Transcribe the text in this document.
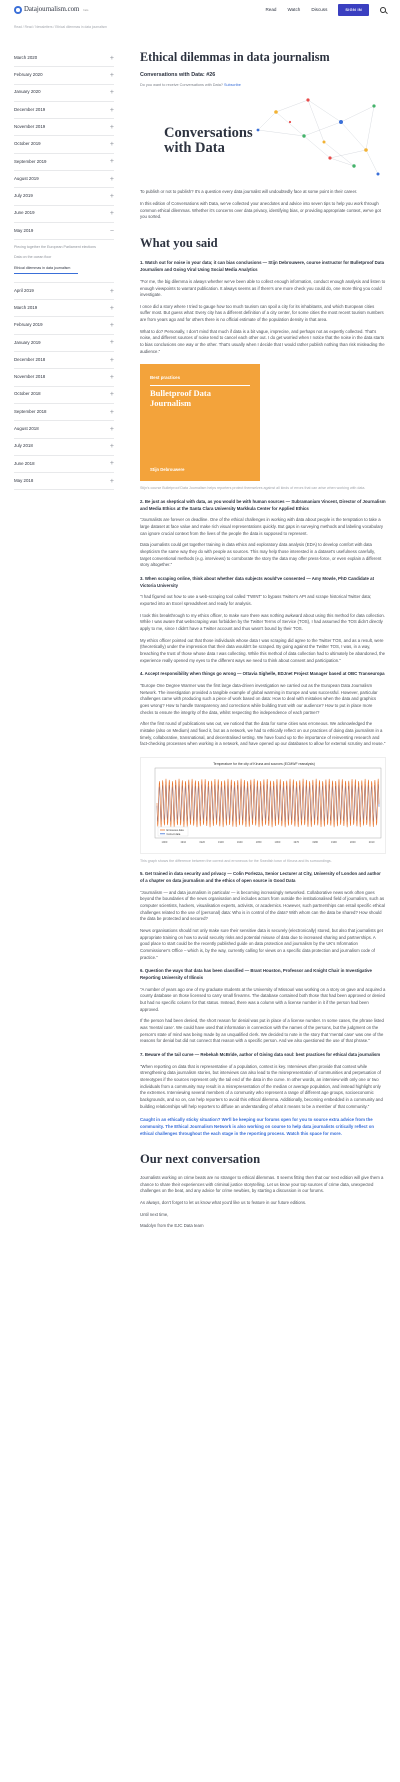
Datajournalism.com beta	Read Watch Discuss	SIGN IN
Read / Read / Newsletters / Ethical dilemmas in data journalism
March 2020	+
February 2020	+
January 2020	+
December 2019	+
November 2019	+
October 2019	+
September 2019	+
August 2019	+
July 2019	+
June 2019	+
May 2019	−
Piecing together the European Parliament elections
Data on the ocean floor
Ethical dilemmas in data journalism
April 2019	+
March 2019	+
February 2019	+
January 2019	+
December 2018	+
November 2018	+
October 2018	+
September 2018	+
August 2018	+
July 2018	+
June 2018	+
May 2018	+
Ethical dilemmas in data journalism
Conversations with Data: #26
Do you want to receive Conversations with Data? Subscribe
Conversations
with Data

To publish or not to publish? It's a question every data journalist will undoubtedly face at some point in their career.

In this edition of Conversations with Data, we've collected your anecdotes and advice into seven tips to help you work through common ethical dilemmas. Whether it's concerns over data privacy, identifying bias, or providing appropriate context, we've got you sorted.

What you said
1. Watch out for noise in your data; it can bias conclusions — Stijn Debrouwere, course instructor for Bulletproof Data Journalism and Going Viral Using Social Media Analytics

"For me, the big dilemma is always whether we've been able to collect enough information, conduct enough analysis and listen to enough viewpoints to warrant publication. It always seems as if there's one more check you could do, one more thing you could investigate.

I once did a story where I tried to gauge how too much tourism can spoil a city for its inhabitants, and which European cities suffer most. But guess what: Every city has a different definition of a city center, for some cities the most recent tourism numbers are from years ago and for others there is no official estimate of the population density in that area.

What to do? Personally, I don't mind that much if data is a bit vague, imprecise, and perhaps not as expertly collected. That's noise, and different sources of noise tend to cancel each other out. I do get worried when I notice that the noise in the data starts to bias conclusions one way or the other. That's usually when I decide that I would rather publish nothing than risk misleading the audience."

Best practices
Bulletproof Data Journalism
Stijn Debrouwere
Stijn's course Bulletproof Data Journalism helps reporters protect themselves against all kinds of errors that can arise when working with data.
2. Be just as skeptical with data, as you would be with human sources — Subramaniam Vincent, Director of Journalism and Media Ethics at the Santa Clara University Markkula Center for Applied Ethics

"Journalists are forever on deadline. One of the ethical challenges in working with data about people is the temptation to take a large dataset at face value and make rich visual representations quickly. But gaps in surveying methods and labeling vocabulary can ignore crucial context from the lives of the people the data is supposed to represent.

Data journalists could get together training in data ethics and exploratory data analysis (EDA) to develop comfort with data skepticism the same way they do with people as sources. This may help those interested in a dataset's usefulness carefully, target conventional methods (e.g. interviews) to corroborate the story the data may offer press-force, or even explain a different story altogether."

3. When scraping online, think about whether data subjects would've consented — Amy Mowle, PhD Candidate at Victoria University

"I had figured out how to use a web-scraping tool called 'TWINT' to bypass Twitter's API and scrape historical Twitter data; exported into an Excel spreadsheet and ready for analysis.

I took this breakthrough to my ethics officer, to make sure there was nothing awkward about using this method for data collection. While I was aware that webscraping was forbidden by the Twitter Terms of Service (TOS), I had assumed the TOS didn't directly apply to me, since I didn't have a Twitter account and thus wasn't bound by their TOS.

My ethics officer pointed out that those individuals whose data I was scraping did agree to the Twitter TOS, and as a result, were (theoretically) under the impression that their data wouldn't be scraped. By going against the Twitter TOS, I was, in a way, breaching the trust of those whose data I was collecting. While this method of data collection had to ultimately be abandoned, the experience really opened my eyes to the different ways we need to think about consent and participation."

4. Accept responsibility when things go wrong — Ottavia Sighelle, EDJnet Project Manager based at OBC Transeuropa

"Europe One Degree Warmer was the first large data-driven investigation we carried out as the European Data Journalism Network. The investigation provided a tangible example of global warming in Europe and was successful. However, particular challenges came with producing such a piece of work based on data: How to deal with mistakes when the data and graphics goes wrong? How to handle transparency and corrections while building trust with our audience? How to put in place more checks to ensure the integrity of the data, whilst respecting the independence of each partner?

After the first round of publications was out, we noticed that the data for some cities was erroneous. We acknowledged the mistake (also on Medium) and fixed it, but as a network, we had to ethically reflect on our practices of doing data journalism in a timely, collaborative, transnational, and decentralised setting. We have found up to the importance of reinventing research and fact-checking processes when working in a network, and have opened up our databases to allow for external scrutiny and reuse."

Temperature for the city of Kiruna and sources (ECMWF reanalysis)
1900	1910	1920	1930	1940	1950	1960	1970	1980	1990	2000	2010
Erroneous data
Correct data
This graph shows the difference between the correct and erroneous for the Swedish town of Kiruna and its surroundings.
5. Get trained in data security and privacy — Colin Porlezza, Senior Lecturer at City, University of London and author of a chapter on data journalism and the ethics of open source in Good Data

"Journalism — and data journalism in particular — is becoming increasingly networked. Collaborative news work often goes beyond the boundaries of the news organisation and includes actors from outside the institutionalised field of journalism, such as computer scientists, hackers, visualisation experts, activists, or academics. However, such partnerships can entail specific ethical challenges related to the use of (personal) data: Who is in control of the data? With whom can the data be shared? How should the data be protected and secured?

News organisations should not only make sure their sensitive data is securely (electronically) stored, but also that journalists get appropriate training on how to avoid security risks and potential misuse of data due to increased sharing and partnerships. A good place to start could be the recently published guide on data protection and journalism by the UK's Information Commissioner's Office – which is, by the way, currently calling for views on a specific data protection and journalism code of practice."

6. Question the ways that data has been classified — Brant Houston, Professor and Knight Chair in Investigative Reporting University of Illinois

"A number of years ago one of my graduate students at the University of Missouri was working on a story on gave and acquired a county database on those licensed to carry small firearms. The database contained both those that had been approved or denied but had no specific column for that status. Instead, there was a column with a license number in it if the person had been approved.

If the person had been denied, the short reason for denial was put in place of a license number. In some cases, the phrase listed was 'mental case'. We could have used that information in connection with the names of the persons, but the judgment on the person's state of mind was being made by an unqualified clerk. We decided to note in the story that 'mental case' was one of the reasons for denial but did not connect that reason with a specific person. And we also questioned the use of that phrase."

7. Beware of the tail curve — Rebekah McBride, author of Giving data soul: best practices for ethical data journalism

"When reporting on data that is representative of a population, context is key. Interviews often provide that context while strengthening data journalism stories, but interviews can also lead to the misrepresentation of communities and perpetuation of stereotypes if the sources represent only the tail end of the data in the curve. In other words, an interview with only one or two individuals from a community may result in a misrepresentation of the median or average population, and instead highlight only the extremes. Interviewing several members of a community who represent a range of different age groups, socioeconomic backgrounds, and so on, can help reporters to avoid this ethical dilemma. Additionally, becoming embedded in a community and building relationships will help reporters to diffuse an understanding of what it means to be a member of that community."

Caught in an ethically sticky situation? We'll be keeping our forums open for you to source extra advice from the community. The Ethical Journalism Network is also working on course to help data journalists critically reflect on ethical challenges throughout the each stage in the reporting process. Watch this space for more.
Our next conversation

Journalists working on crime beats are no stranger to ethical dilemmas. It seems fitting then that our next edition will give them a chance to share their experiences with criminal justice storytelling. Let us know your top sources of crime data, unexpected challenges on the beat, and any advice for crime newbies, by starting a discussion in our forums.

As always, don't forget to let us know what you'd like us to feature in our future editions.

Until next time,

Madolyn from the EJC Data team
